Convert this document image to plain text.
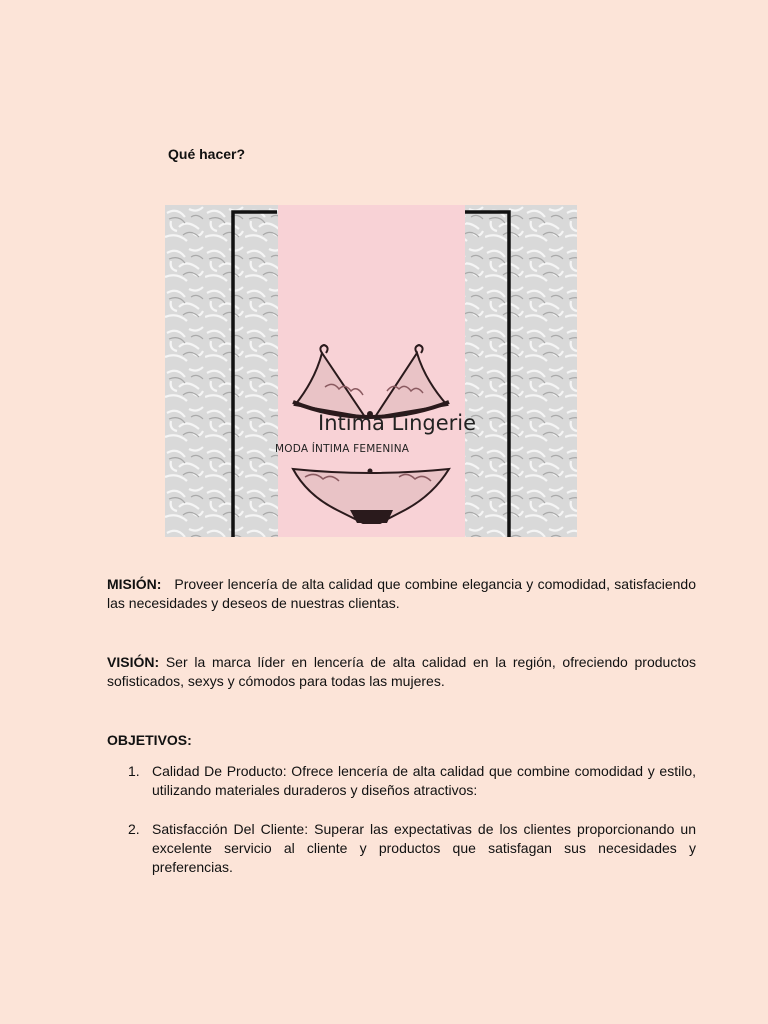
Qué hacer?
Íntima Lingerie
MODA ÍNTIMA FEMENINA
MISIÓN: Proveer lencería de alta calidad que combine elegancia y comodidad, satisfaciendo las necesidades y deseos de nuestras clientas.
VISIÓN: Ser la marca líder en lencería de alta calidad en la región, ofreciendo productos sofisticados, sexys y cómodos para todas las mujeres.
OBJETIVOS:
1. Calidad De Producto: Ofrece lencería de alta calidad que combine comodidad y estilo, utilizando materiales duraderos y diseños atractivos:
2. Satisfacción Del Cliente: Superar las expectativas de los clientes proporcionando un excelente servicio al cliente y productos que satisfagan sus necesidades y preferencias.
